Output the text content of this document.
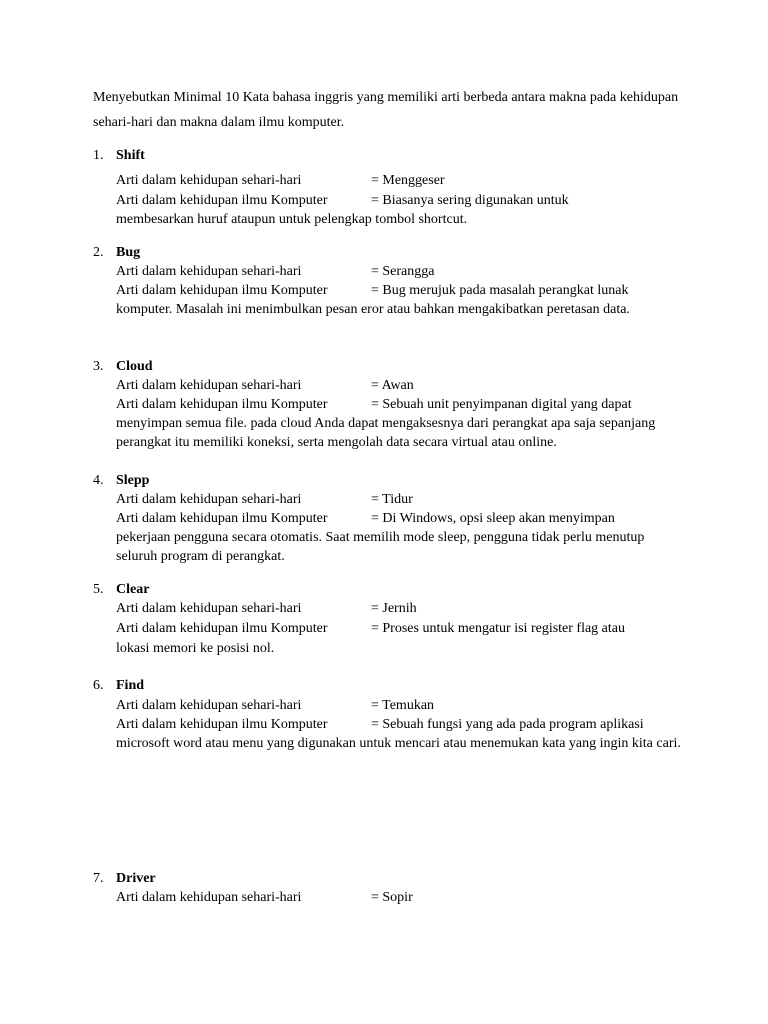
Menyebutkan Minimal 10 Kata bahasa inggris yang memiliki arti berbeda antara makna pada kehidupan sehari-hari dan makna dalam ilmu komputer.

1. Shift
Arti dalam kehidupan sehari-hari	= Menggeser
Arti dalam kehidupan ilmu Komputer	= Biasanya sering digunakan untuk
membesarkan huruf ataupun untuk pelengkap tombol shortcut.
2. Bug
Arti dalam kehidupan sehari-hari	= Serangga
Arti dalam kehidupan ilmu Komputer	= Bug merujuk pada masalah perangkat lunak
komputer. Masalah ini menimbulkan pesan eror atau bahkan mengakibatkan peretasan data.
3. Cloud
Arti dalam kehidupan sehari-hari	= Awan
Arti dalam kehidupan ilmu Komputer	= Sebuah unit penyimpanan digital yang dapat
menyimpan semua file. pada cloud Anda dapat mengaksesnya dari perangkat apa saja sepanjang perangkat itu memiliki koneksi, serta mengolah data secara virtual atau online.
4. Slepp
Arti dalam kehidupan sehari-hari	= Tidur
Arti dalam kehidupan ilmu Komputer	= Di Windows, opsi sleep akan menyimpan
pekerjaan pengguna secara otomatis. Saat memilih mode sleep, pengguna tidak perlu menutup seluruh program di perangkat.
5. Clear
Arti dalam kehidupan sehari-hari	= Jernih
Arti dalam kehidupan ilmu Komputer	= Proses untuk mengatur isi register flag atau
lokasi memori ke posisi nol.
6. Find
Arti dalam kehidupan sehari-hari	= Temukan
Arti dalam kehidupan ilmu Komputer	= Sebuah fungsi yang ada pada program aplikasi
microsoft word atau menu yang digunakan untuk mencari atau menemukan kata yang ingin kita cari.
7. Driver
Arti dalam kehidupan sehari-hari	= Sopir
